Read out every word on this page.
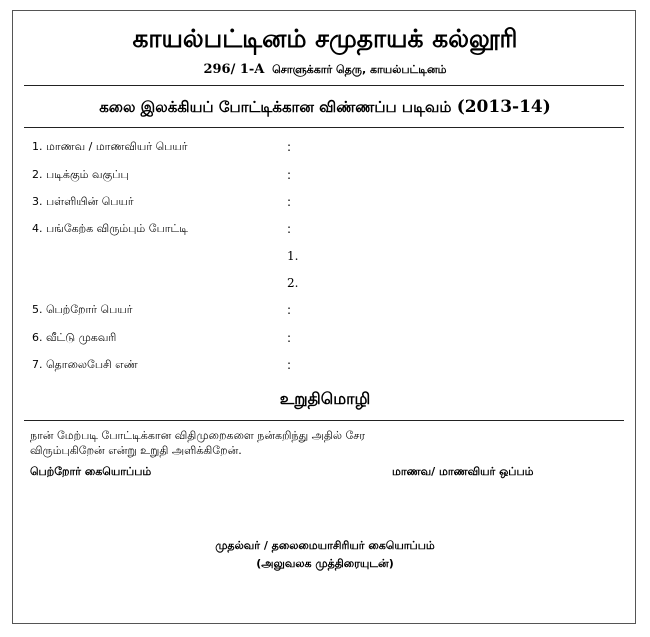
காயல்பட்டினம் சமுதாயக் கல்லூரி
296/ 1-A சொளுக்கார் தெரு, காயல்பட்டினம்
கலை இலக்கியப் போட்டிக்கான விண்ணப்ப படிவம் (2013-14)
1. மாணவ / மாணவியர் பெயர்	:
2. படிக்கும் வகுப்பு	:
3. பள்ளியின் பெயர்	:
4. பங்கேற்க விரும்பும் போட்டி	:
1.
2.
5. பெற்றோர் பெயர்	:
6. வீட்டு முகவரி	:
7. தொலைபேசி எண்	:
உறுதிமொழி
நான் மேற்படி போட்டிக்கான விதிமுறைகளை நன்கறிந்து அதில் சேர
விரும்புகிறேன் என்று உறுதி அளிக்கிறேன்.
பெற்றோர் கையொப்பம்	மாணவ/ மாணவியர் ஒப்பம்
முதல்வர் / தலைமையாசிரியர் கையொப்பம்
(அலுவலக முத்திரையுடன்)
